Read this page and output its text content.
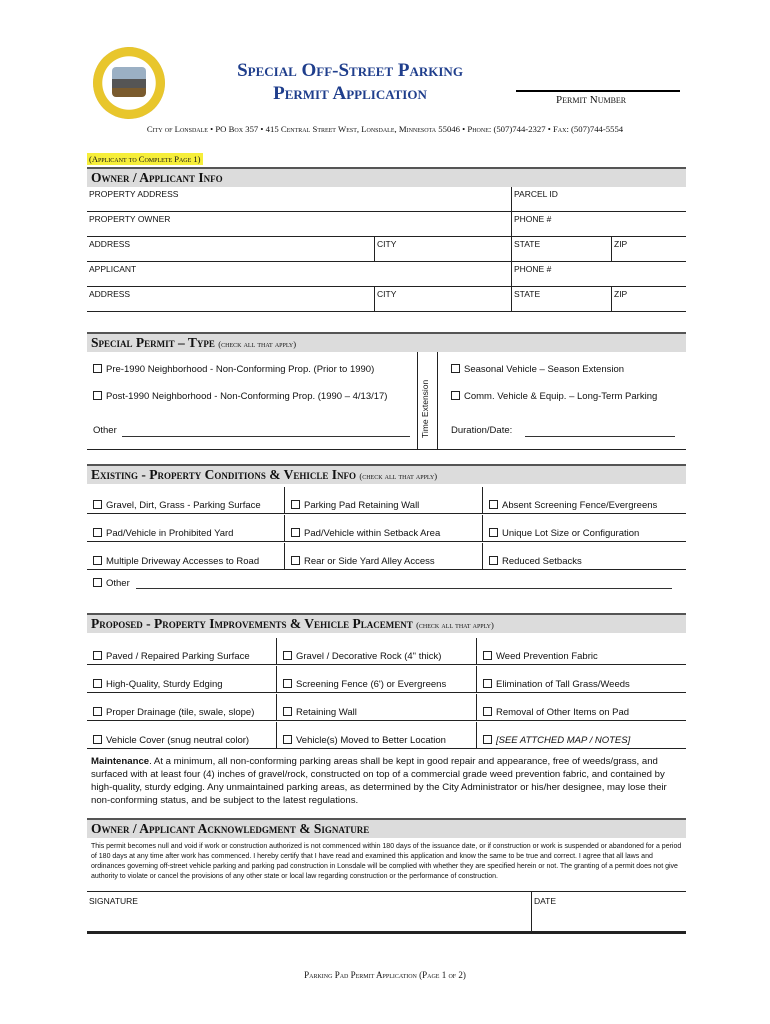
Special Off-Street Parking
Permit Application	Permit Number
City of Lonsdale • PO Box 357 • 415 Central Street West, Lonsdale, Minnesota 55046 • Phone: (507)744-2327 • Fax: (507)744-5554
(Applicant to Complete Page 1)
Owner / Applicant Info
PROPERTY ADDRESS	PARCEL ID
PROPERTY OWNER	PHONE #
ADDRESS	CITY	STATE	ZIP
APPLICANT	PHONE #
ADDRESS	CITY	STATE	ZIP
Special Permit – Type (check all that apply)
Pre-1990 Neighborhood - Non-Conforming Prop. (Prior to 1990)
Post-1990 Neighborhood - Non-Conforming Prop. (1990 – 4/13/17)
Other	Time Extension
Seasonal Vehicle – Season Extension
Comm. Vehicle & Equip. – Long-Term Parking
Duration/Date:
Existing - Property Conditions & Vehicle Info (check all that apply)
Gravel, Dirt, Grass - Parking Surface	Parking Pad Retaining Wall	Absent Screening Fence/Evergreens
Pad/Vehicle in Prohibited Yard	Pad/Vehicle within Setback Area	Unique Lot Size or Configuration
Multiple Driveway Accesses to Road	Rear or Side Yard Alley Access	Reduced Setbacks
Other
Proposed - Property Improvements & Vehicle Placement (check all that apply)
Paved / Repaired Parking Surface	Gravel / Decorative Rock (4" thick)	Weed Prevention Fabric
High-Quality, Sturdy Edging	Screening Fence (6') or Evergreens	Elimination of Tall Grass/Weeds
Proper Drainage (tile, swale, slope)	Retaining Wall	Removal of Other Items on Pad
Vehicle Cover (snug neutral color)	Vehicle(s) Moved to Better Location	[SEE ATTCHED MAP / NOTES]
Maintenance. At a minimum, all non-conforming parking areas shall be kept in good repair and appearance, free of weeds/grass, and surfaced with at least four (4) inches of gravel/rock, constructed on top of a commercial grade weed prevention fabric, and contained by high-quality, sturdy edging. Any unmaintained parking areas, as determined by the City Administrator or his/her designee, may lose their non-conforming status, and be subject to the latest regulations.
Owner / Applicant Acknowledgment & Signature
This permit becomes null and void if work or construction authorized is not commenced within 180 days of the issuance date, or if construction or work is suspended or abandoned for a period of 180 days at any time after work has commenced. I hereby certify that I have read and examined this application and know the same to be true and correct. I agree that all laws and ordinances governing off-street vehicle parking and parking pad construction in Lonsdale will be complied with whether they are specified herein or not. The granting of a permit does not give authority to violate or cancel the provisions of any other state or local law regarding construction or the performance of construction.
SIGNATURE	DATE
Parking Pad Permit Application (Page 1 of 2)
